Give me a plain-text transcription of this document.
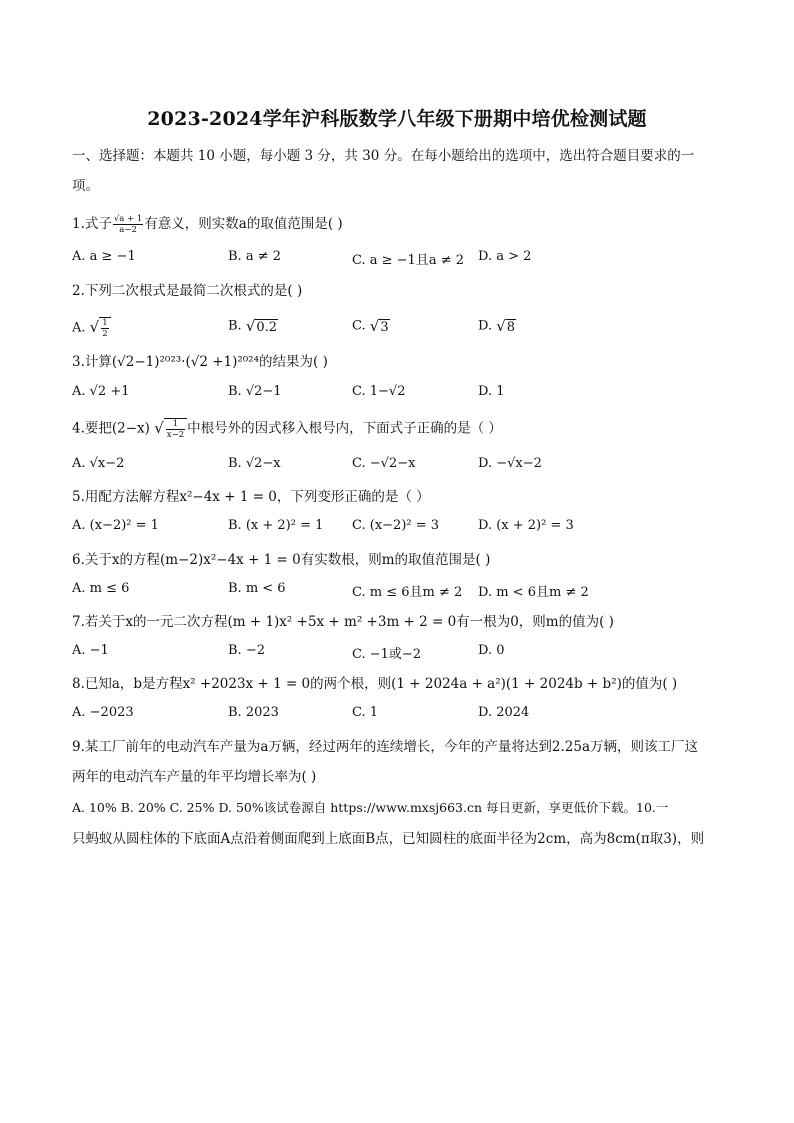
2023-2024学年沪科版数学八年级下册期中培优检测试题
一、选择题：本题共 10 小题，每小题 3 分，共 30 分。在每小题给出的选项中，选出符合题目要求的一
项。
1.式子 $\frac{√a + 1}{a-2}$ 有意义，则实数a的取值范围是( )
A. a ≥ −1	B. a ≠ 2	C. a ≥ −1且a ≠ 2 D. a > 2
2.下列二次根式是最简二次根式的是( )
A. √ $\frac{1}{2}$	B. √0.2	C. √3	D. √8
3.计算(√2−1)²⁰²³·(√2 +1)²⁰²⁴的结果为( )
A. √2 +1	B. √2−1	C. 1−√2	D. 1
4.要把(2−x) √ $\frac{1}{x-2}$ 中根号外的因式移入根号内，下面式子正确的是（ ）
A. √x−2	B. √2−x	C. −√2−x	D. −√x−2
5.用配方法解方程x²−4x + 1 = 0，下列变形正确的是（ ）
A. (x−2)² = 1	B. (x + 2)² = 1 C. (x−2)² = 3	D. (x + 2)² = 3
6.关于x的方程(m−2)x²−4x + 1 = 0有实数根，则m的取值范围是( )
A. m ≤ 6	B. m < 6	C. m ≤ 6且m ≠ 2 D. m < 6且m ≠ 2
7.若关于x的一元二次方程(m + 1)x² +5x + m² +3m + 2 = 0有一根为0，则m的值为( )
A. −1	B. −2	C. −1或−2	D. 0
8.已知a，b是方程x² +2023x + 1 = 0的两个根，则(1 + 2024a + a²)(1 + 2024b + b²)的值为( )
A. −2023	B. 2023	C. 1	D. 2024
9.某工厂前年的电动汽车产量为a万辆，经过两年的连续增长，今年的产量将达到2.25a万辆，则该工厂这
两年的电动汽车产量的年平均增长率为( )
A. 10% B. 20% C. 25% D. 50%该试卷源自 https://www.mxsj663.cn 每日更新，享更低价下载。10.一
只蚂蚁从圆柱体的下底面A点沿着侧面爬到上底面B点，已知圆柱的底面半径为2cm，高为8cm(π取3)，则
